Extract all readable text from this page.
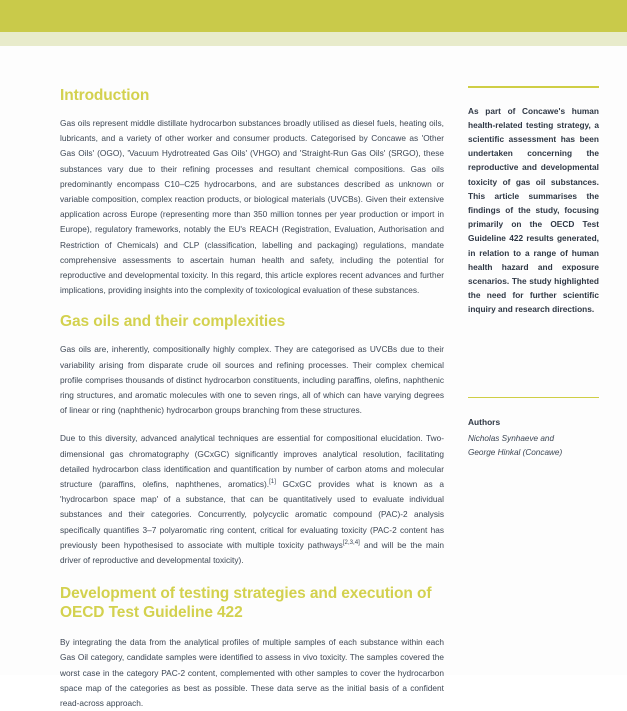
Introduction

Gas oils represent middle distillate hydrocarbon substances broadly utilised as diesel fuels, heating oils, lubricants, and a variety of other worker and consumer products. Categorised by Concawe as 'Other Gas Oils' (OGO), 'Vacuum Hydrotreated Gas Oils' (VHGO) and 'Straight-Run Gas Oils' (SRGO), these substances vary due to their refining processes and resultant chemical compositions. Gas oils predominantly encompass C10–C25 hydrocarbons, and are substances described as unknown or variable composition, complex reaction products, or biological materials (UVCBs). Given their extensive application across Europe (representing more than 350 million tonnes per year production or import in Europe), regulatory frameworks, notably the EU's REACH (Registration, Evaluation, Authorisation and Restriction of Chemicals) and CLP (classification, labelling and packaging) regulations, mandate comprehensive assessments to ascertain human health and safety, including the potential for reproductive and developmental toxicity. In this regard, this article explores recent advances and further implications, providing insights into the complexity of toxicological evaluation of these substances.

Gas oils and their complexities

Gas oils are, inherently, compositionally highly complex. They are categorised as UVCBs due to their variability arising from disparate crude oil sources and refining processes. Their complex chemical profile comprises thousands of distinct hydrocarbon constituents, including paraffins, olefins, naphthenic ring structures, and aromatic molecules with one to seven rings, all of which can have varying degrees of linear or ring (naphthenic) hydrocarbon groups branching from these structures.

Due to this diversity, advanced analytical techniques are essential for compositional elucidation. Two-dimensional gas chromatography (GCxGC) significantly improves analytical resolution, facilitating detailed hydrocarbon class identification and quantification by number of carbon atoms and molecular structure (paraffins, olefins, naphthenes, aromatics).[1] GCxGC provides what is known as a 'hydrocarbon space map' of a substance, that can be quantitatively used to evaluate individual substances and their categories. Concurrently, polycyclic aromatic compound (PAC)-2 analysis specifically quantifies 3–7 polyaromatic ring content, critical for evaluating toxicity (PAC-2 content has previously been hypothesised to associate with multiple toxicity pathways[2,3,4] and will be the main driver of reproductive and developmental toxicity).

Development of testing strategies and execution of OECD Test Guideline 422

By integrating the data from the analytical profiles of multiple samples of each substance within each Gas Oil category, candidate samples were identified to assess in vivo toxicity. The samples covered the worst case in the category PAC-2 content, complemented with other samples to cover the hydrocarbon space map of the categories as best as possible. These data serve as the initial basis of a confident read-across approach.

As part of Concawe's human health-related testing strategy, a scientific assessment has been undertaken concerning the reproductive and developmental toxicity of gas oil substances. This article summarises the findings of the study, focusing primarily on the OECD Test Guideline 422 results generated, in relation to a range of human health hazard and exposure scenarios. The study highlighted the need for further scientific inquiry and research directions.

Authors
Nicholas Synhaeve and
George Hinkal (Concawe)
